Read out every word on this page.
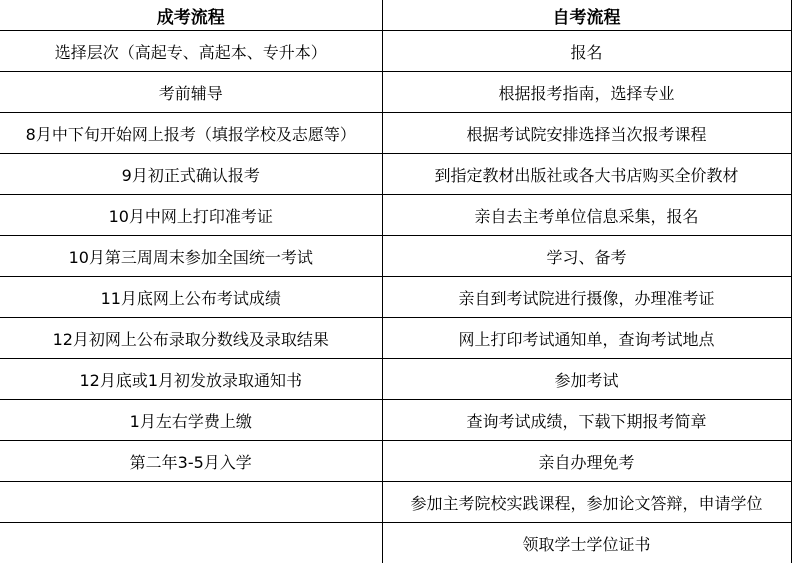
成考流程	自考流程
选择层次（高起专、高起本、专升本）	报名
考前辅导	根据报考指南，选择专业
8月中下旬开始网上报考（填报学校及志愿等）	根据考试院安排选择当次报考课程
9月初正式确认报考	到指定教材出版社或各大书店购买全价教材
10月中网上打印准考证	亲自去主考单位信息采集，报名
10月第三周周末参加全国统一考试	学习、备考
11月底网上公布考试成绩	亲自到考试院进行摄像，办理准考证
12月初网上公布录取分数线及录取结果	网上打印考试通知单，查询考试地点
12月底或1月初发放录取通知书	参加考试
1月左右学费上缴	查询考试成绩，下载下期报考简章
第二年3-5月入学	亲自办理免考
	参加主考院校实践课程，参加论文答辩，申请学位
	领取学士学位证书
